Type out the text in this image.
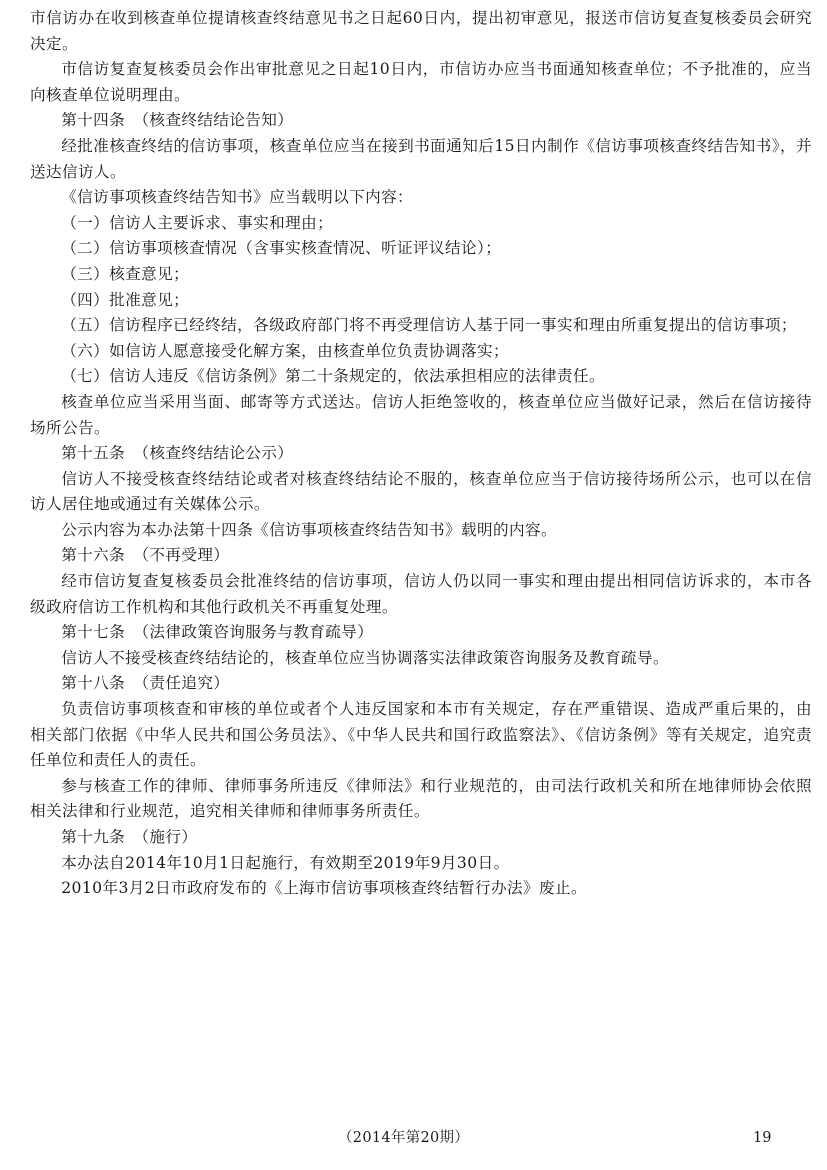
市信访办在收到核查单位提请核查终结意见书之日起60日内，提出初审意见，报送市信访复查复核委员会研究决定。

市信访复查复核委员会作出审批意见之日起10日内，市信访办应当书面通知核查单位；不予批准的，应当向核查单位说明理由。

第十四条　（核查终结结论告知）

经批准核查终结的信访事项，核查单位应当在接到书面通知后15日内制作《信访事项核查终结告知书》，并送达信访人。

《信访事项核查终结告知书》应当载明以下内容：

（一）信访人主要诉求、事实和理由；

（二）信访事项核查情况（含事实核查情况、听证评议结论）；

（三）核查意见；

（四）批准意见；

（五）信访程序已经终结，各级政府部门将不再受理信访人基于同一事实和理由所重复提出的信访事项；

（六）如信访人愿意接受化解方案，由核查单位负责协调落实；

（七）信访人违反《信访条例》第二十条规定的，依法承担相应的法律责任。

核查单位应当采用当面、邮寄等方式送达。信访人拒绝签收的，核查单位应当做好记录，然后在信访接待场所公告。

第十五条　（核查终结结论公示）

信访人不接受核查终结结论或者对核查终结结论不服的，核查单位应当于信访接待场所公示，也可以在信访人居住地或通过有关媒体公示。

公示内容为本办法第十四条《信访事项核查终结告知书》载明的内容。

第十六条　（不再受理）

经市信访复查复核委员会批准终结的信访事项，信访人仍以同一事实和理由提出相同信访诉求的，本市各级政府信访工作机构和其他行政机关不再重复处理。

第十七条　（法律政策咨询服务与教育疏导）

信访人不接受核查终结结论的，核查单位应当协调落实法律政策咨询服务及教育疏导。

第十八条　（责任追究）

负责信访事项核查和审核的单位或者个人违反国家和本市有关规定，存在严重错误、造成严重后果的，由相关部门依据《中华人民共和国公务员法》、《中华人民共和国行政监察法》、《信访条例》等有关规定，追究责任单位和责任人的责任。

参与核查工作的律师、律师事务所违反《律师法》和行业规范的，由司法行政机关和所在地律师协会依照相关法律和行业规范，追究相关律师和律师事务所责任。

第十九条　（施行）

本办法自2014年10月1日起施行，有效期至2019年9月30日。

2010年3月2日市政府发布的《上海市信访事项核查终结暂行办法》废止。

（2014年第20期）	19
